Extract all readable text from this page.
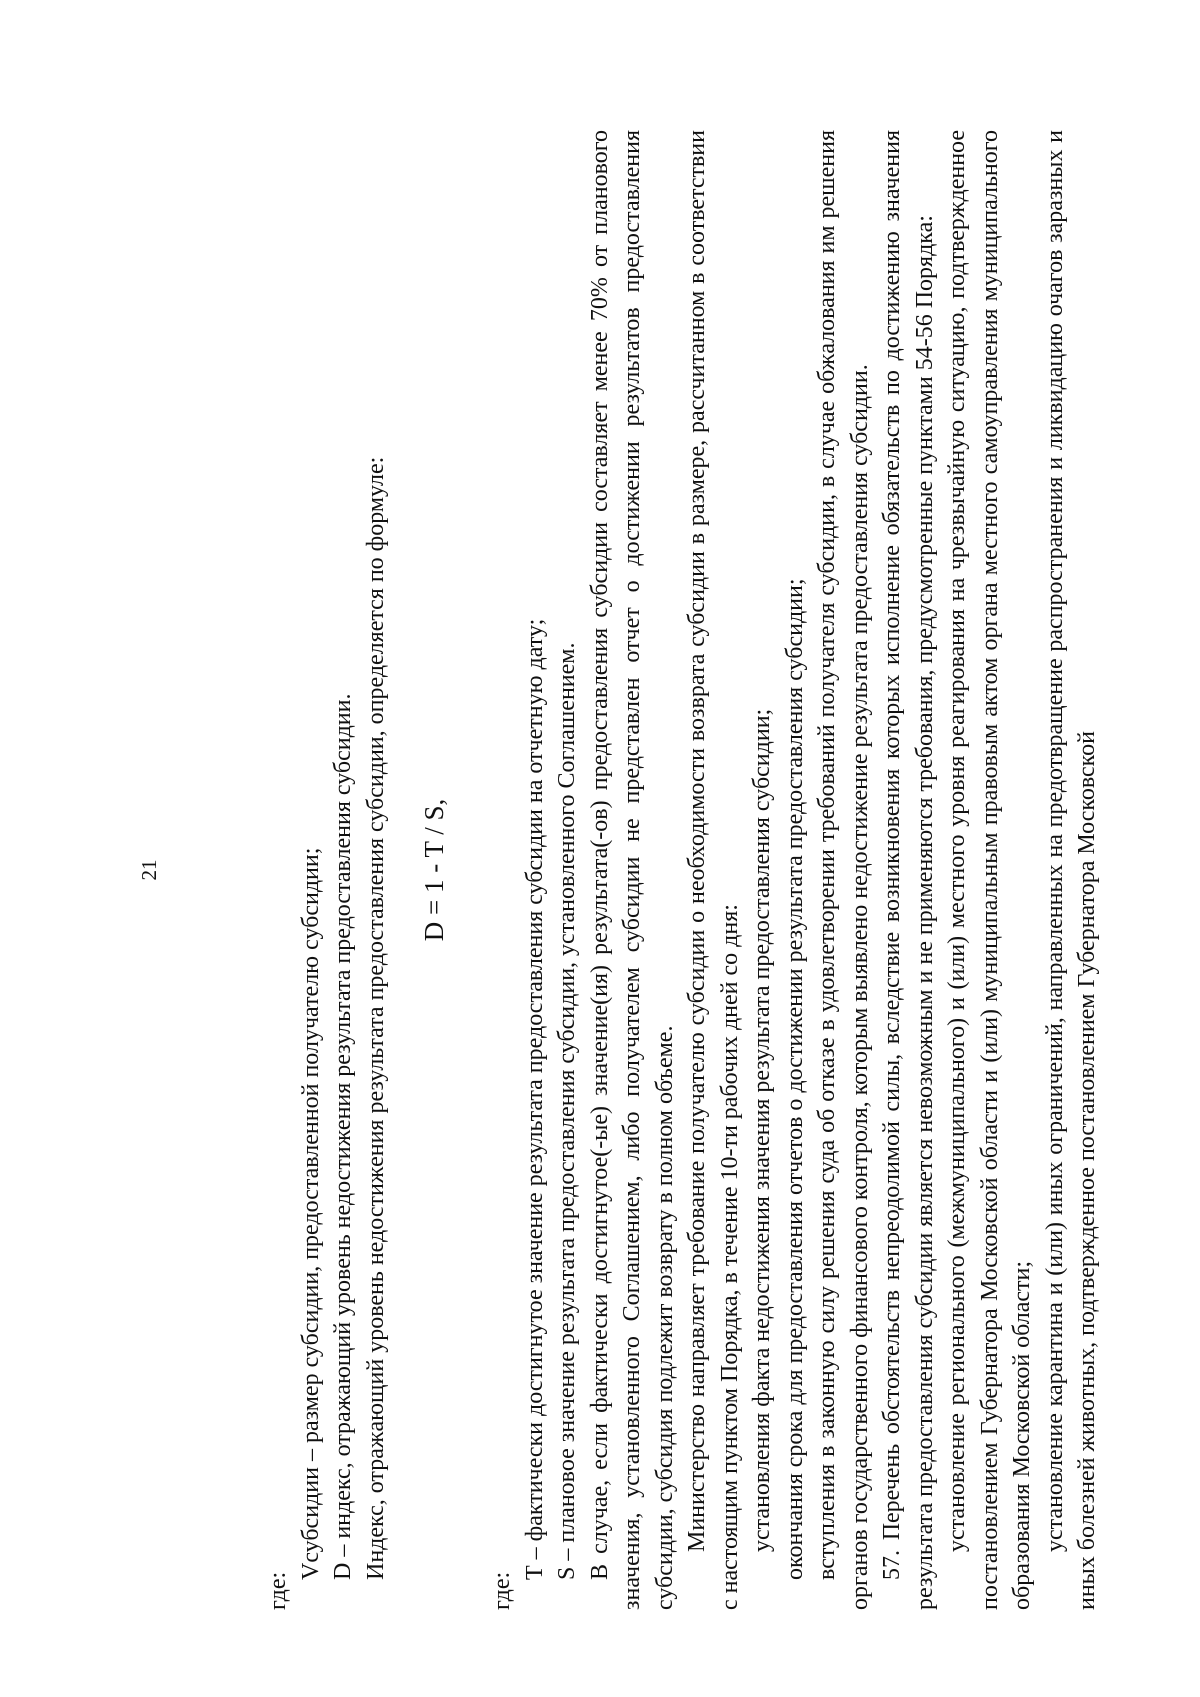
21

где:

Vсубсидии – размер субсидии, предоставленной получателю субсидии; D – индекс, отражающий уровень недостижения результата предоставления субсидии. Индекс, отражающий уровень недостижения результата предоставления субсидии, определяется по формуле: D = 1 - T / S,

где:

Т – фактически достигнутое значение результата предоставления субсидии на отчетную дату; S – плановое значение результата предоставления субсидии, установленного Соглашением. В случае, если фактически достигнутое(-ые) значение(ия) результата(-ов) предоставления субсидии составляет менее 70% от планового значения, установленного Соглашением, либо получателем субсидии не представлен отчет о достижении результатов предоставления субсидии, субсидия подлежит возврату в полном объеме. Министерство направляет требование получателю субсидии о необходимости возврата субсидии в размере, рассчитанном в соответствии с настоящим пунктом Порядка, в течение 10-ти рабочих дней со дня: установления факта недостижения значения результата предоставления субсидии; окончания срока для предоставления отчетов о достижении результата предоставления субсидии; вступления в законную силу решения суда об отказе в удовлетворении требований получателя субсидии, в случае обжалования им решения органов государственного финансового контроля, которым выявлено недостижение результата предоставления субсидии. 57. Перечень обстоятельств непреодолимой силы, вследствие возникновения которых исполнение обязательств по достижению значения результата предоставления субсидии является невозможным и не применяются требования, предусмотренные пунктами 54-56 Порядка: установление регионального (межмуниципального) и (или) местного уровня реагирования на чрезвычайную ситуацию, подтвержденное постановлением Губернатора Московской области и (или) муниципальным правовым актом органа местного самоуправления муниципального образования Московской области; установление карантина и (или) иных ограничений, направленных на предотвращение распространения и ликвидацию очагов заразных и иных болезней животных, подтвержденное постановлением Губернатора Московской
